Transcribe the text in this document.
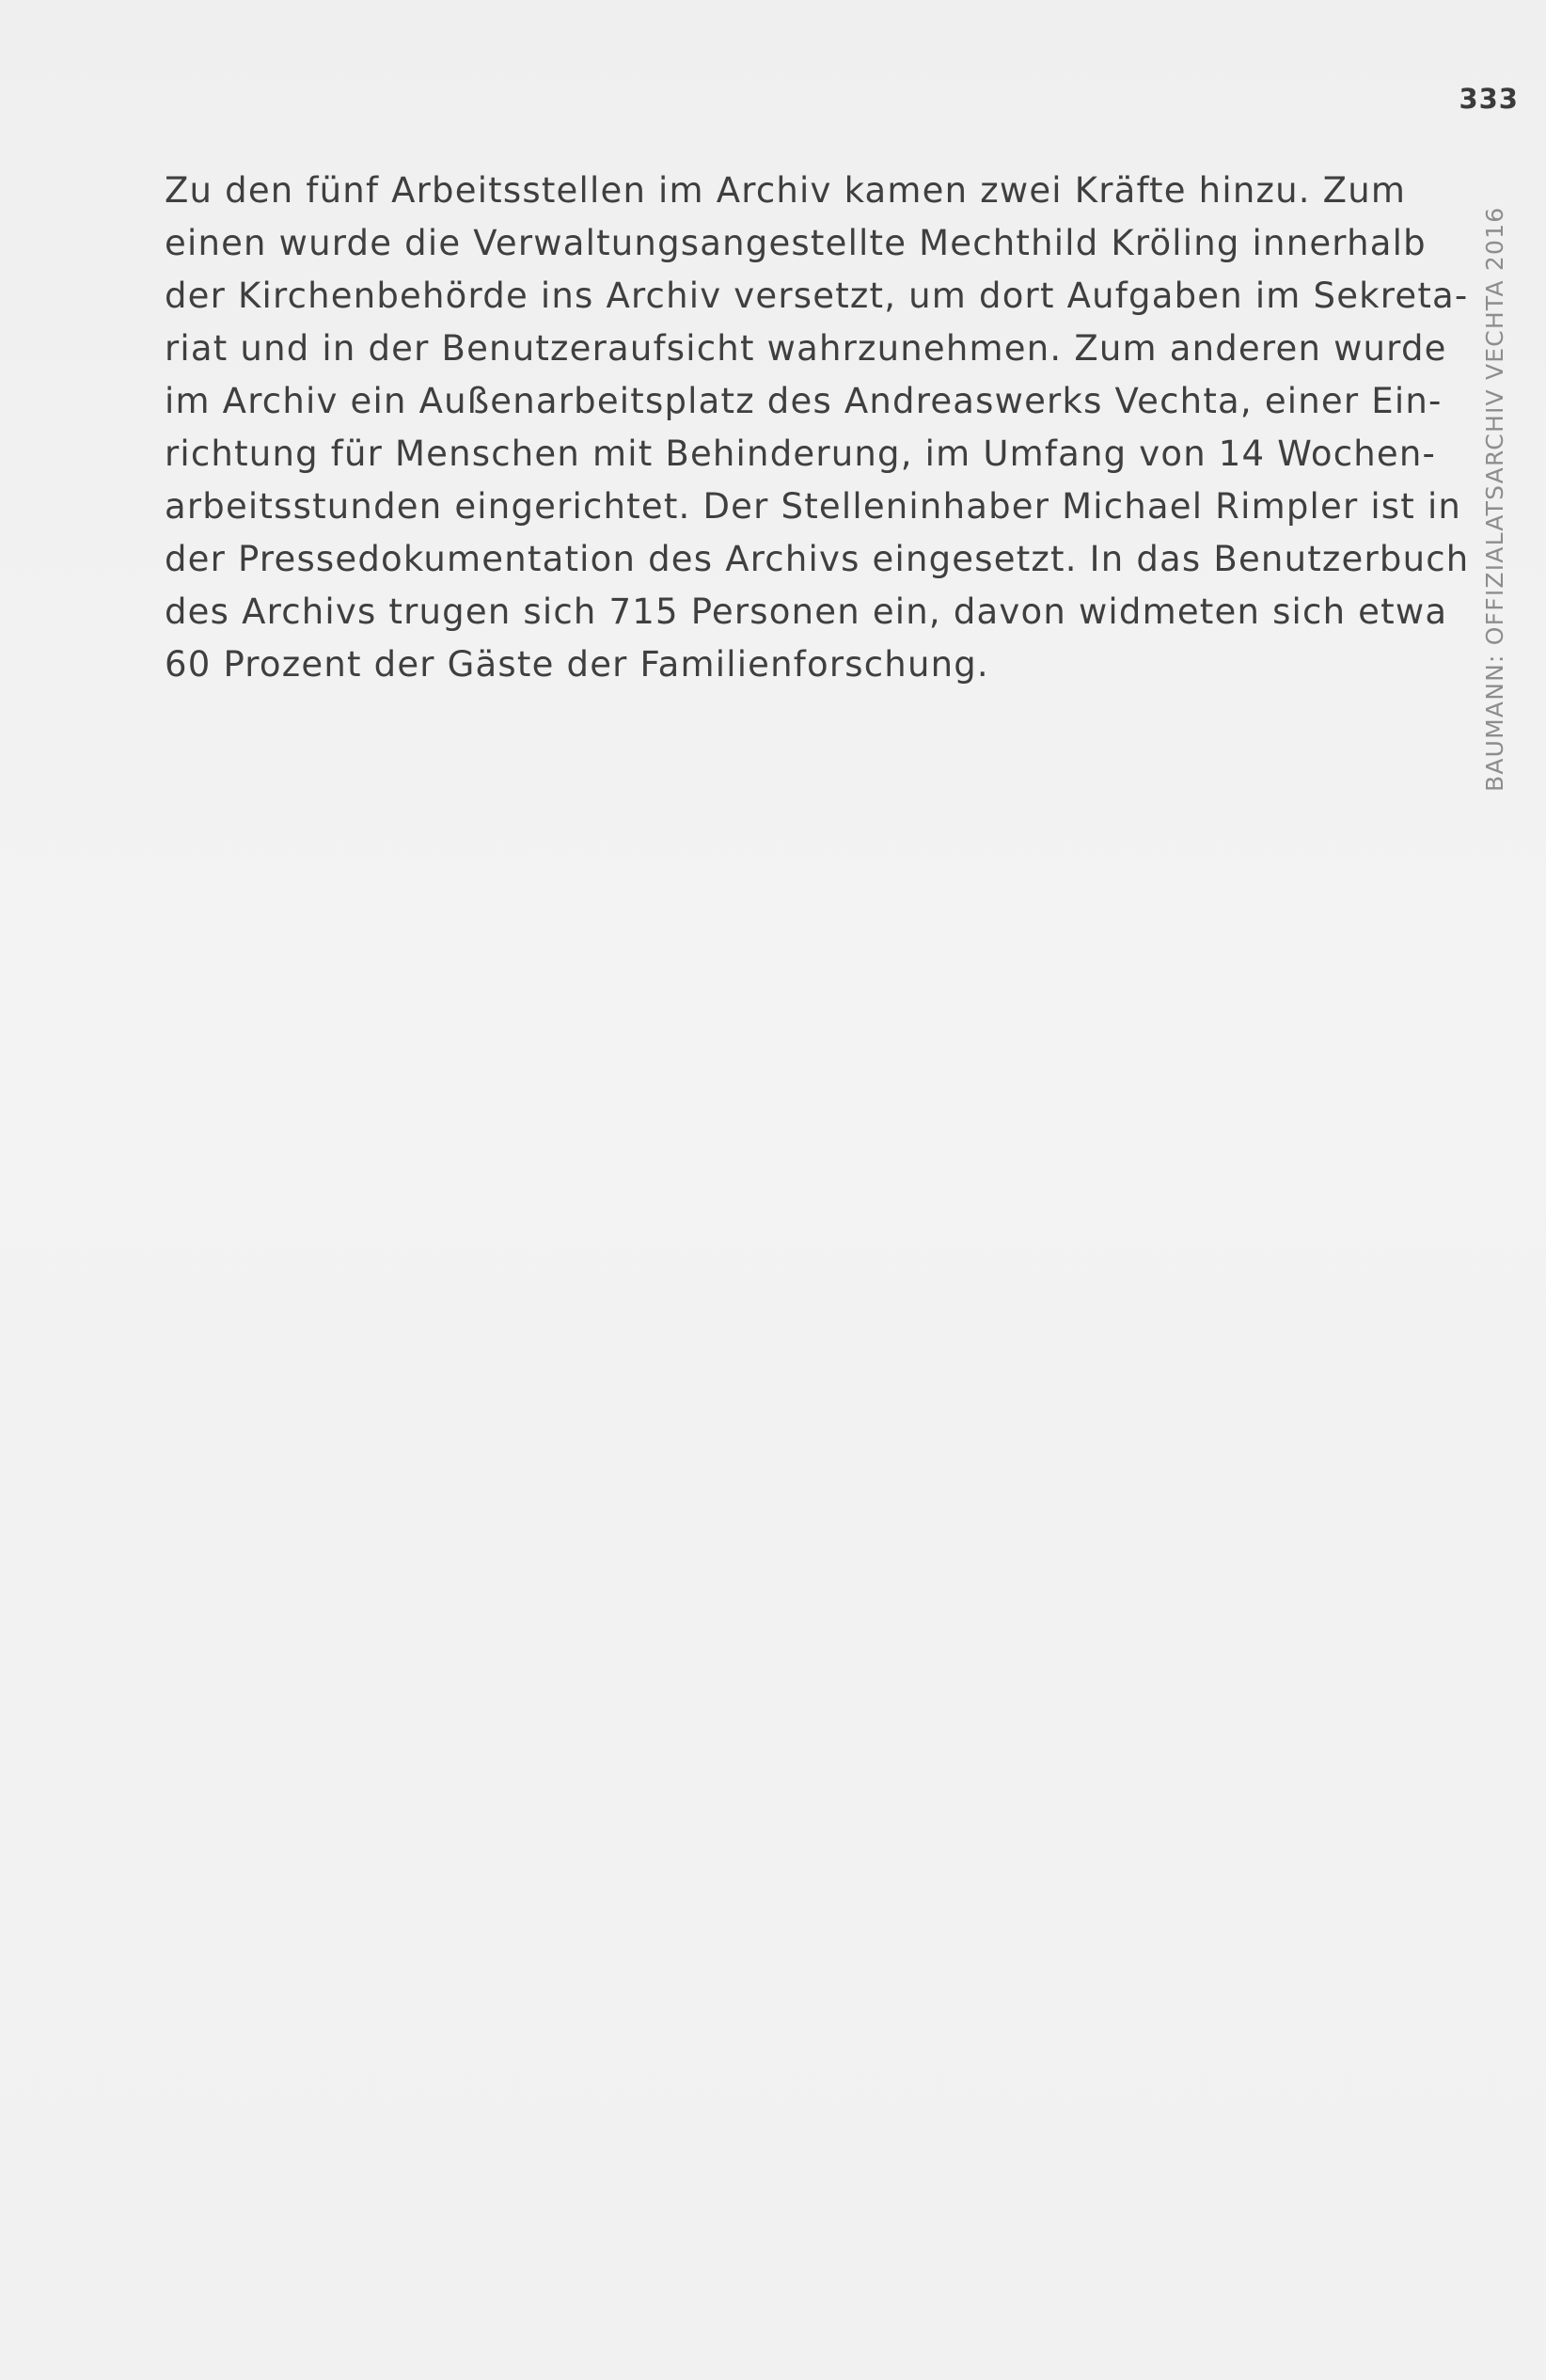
333
BAUMANN: OFFIZIALATSARCHIV VECHTA 2016

Zu den fünf Arbeitsstellen im Archiv kamen zwei Kräfte hinzu. Zum
einen wurde die Verwaltungsangestellte Mechthild Kröling innerhalb
der Kirchenbehörde ins Archiv versetzt, um dort Aufgaben im Sekreta-
riat und in der Benutzeraufsicht wahrzunehmen. Zum anderen wurde
im Archiv ein Außenarbeitsplatz des Andreaswerks Vechta, einer Ein-
richtung für Menschen mit Behinderung, im Umfang von 14 Wochen-
arbeitsstunden eingerichtet. Der Stelleninhaber Michael Rimpler ist in
der Pressedokumentation des Archivs eingesetzt. In das Benutzerbuch
des Archivs trugen sich 715 Personen ein, davon widmeten sich etwa
60 Prozent der Gäste der Familienforschung.
